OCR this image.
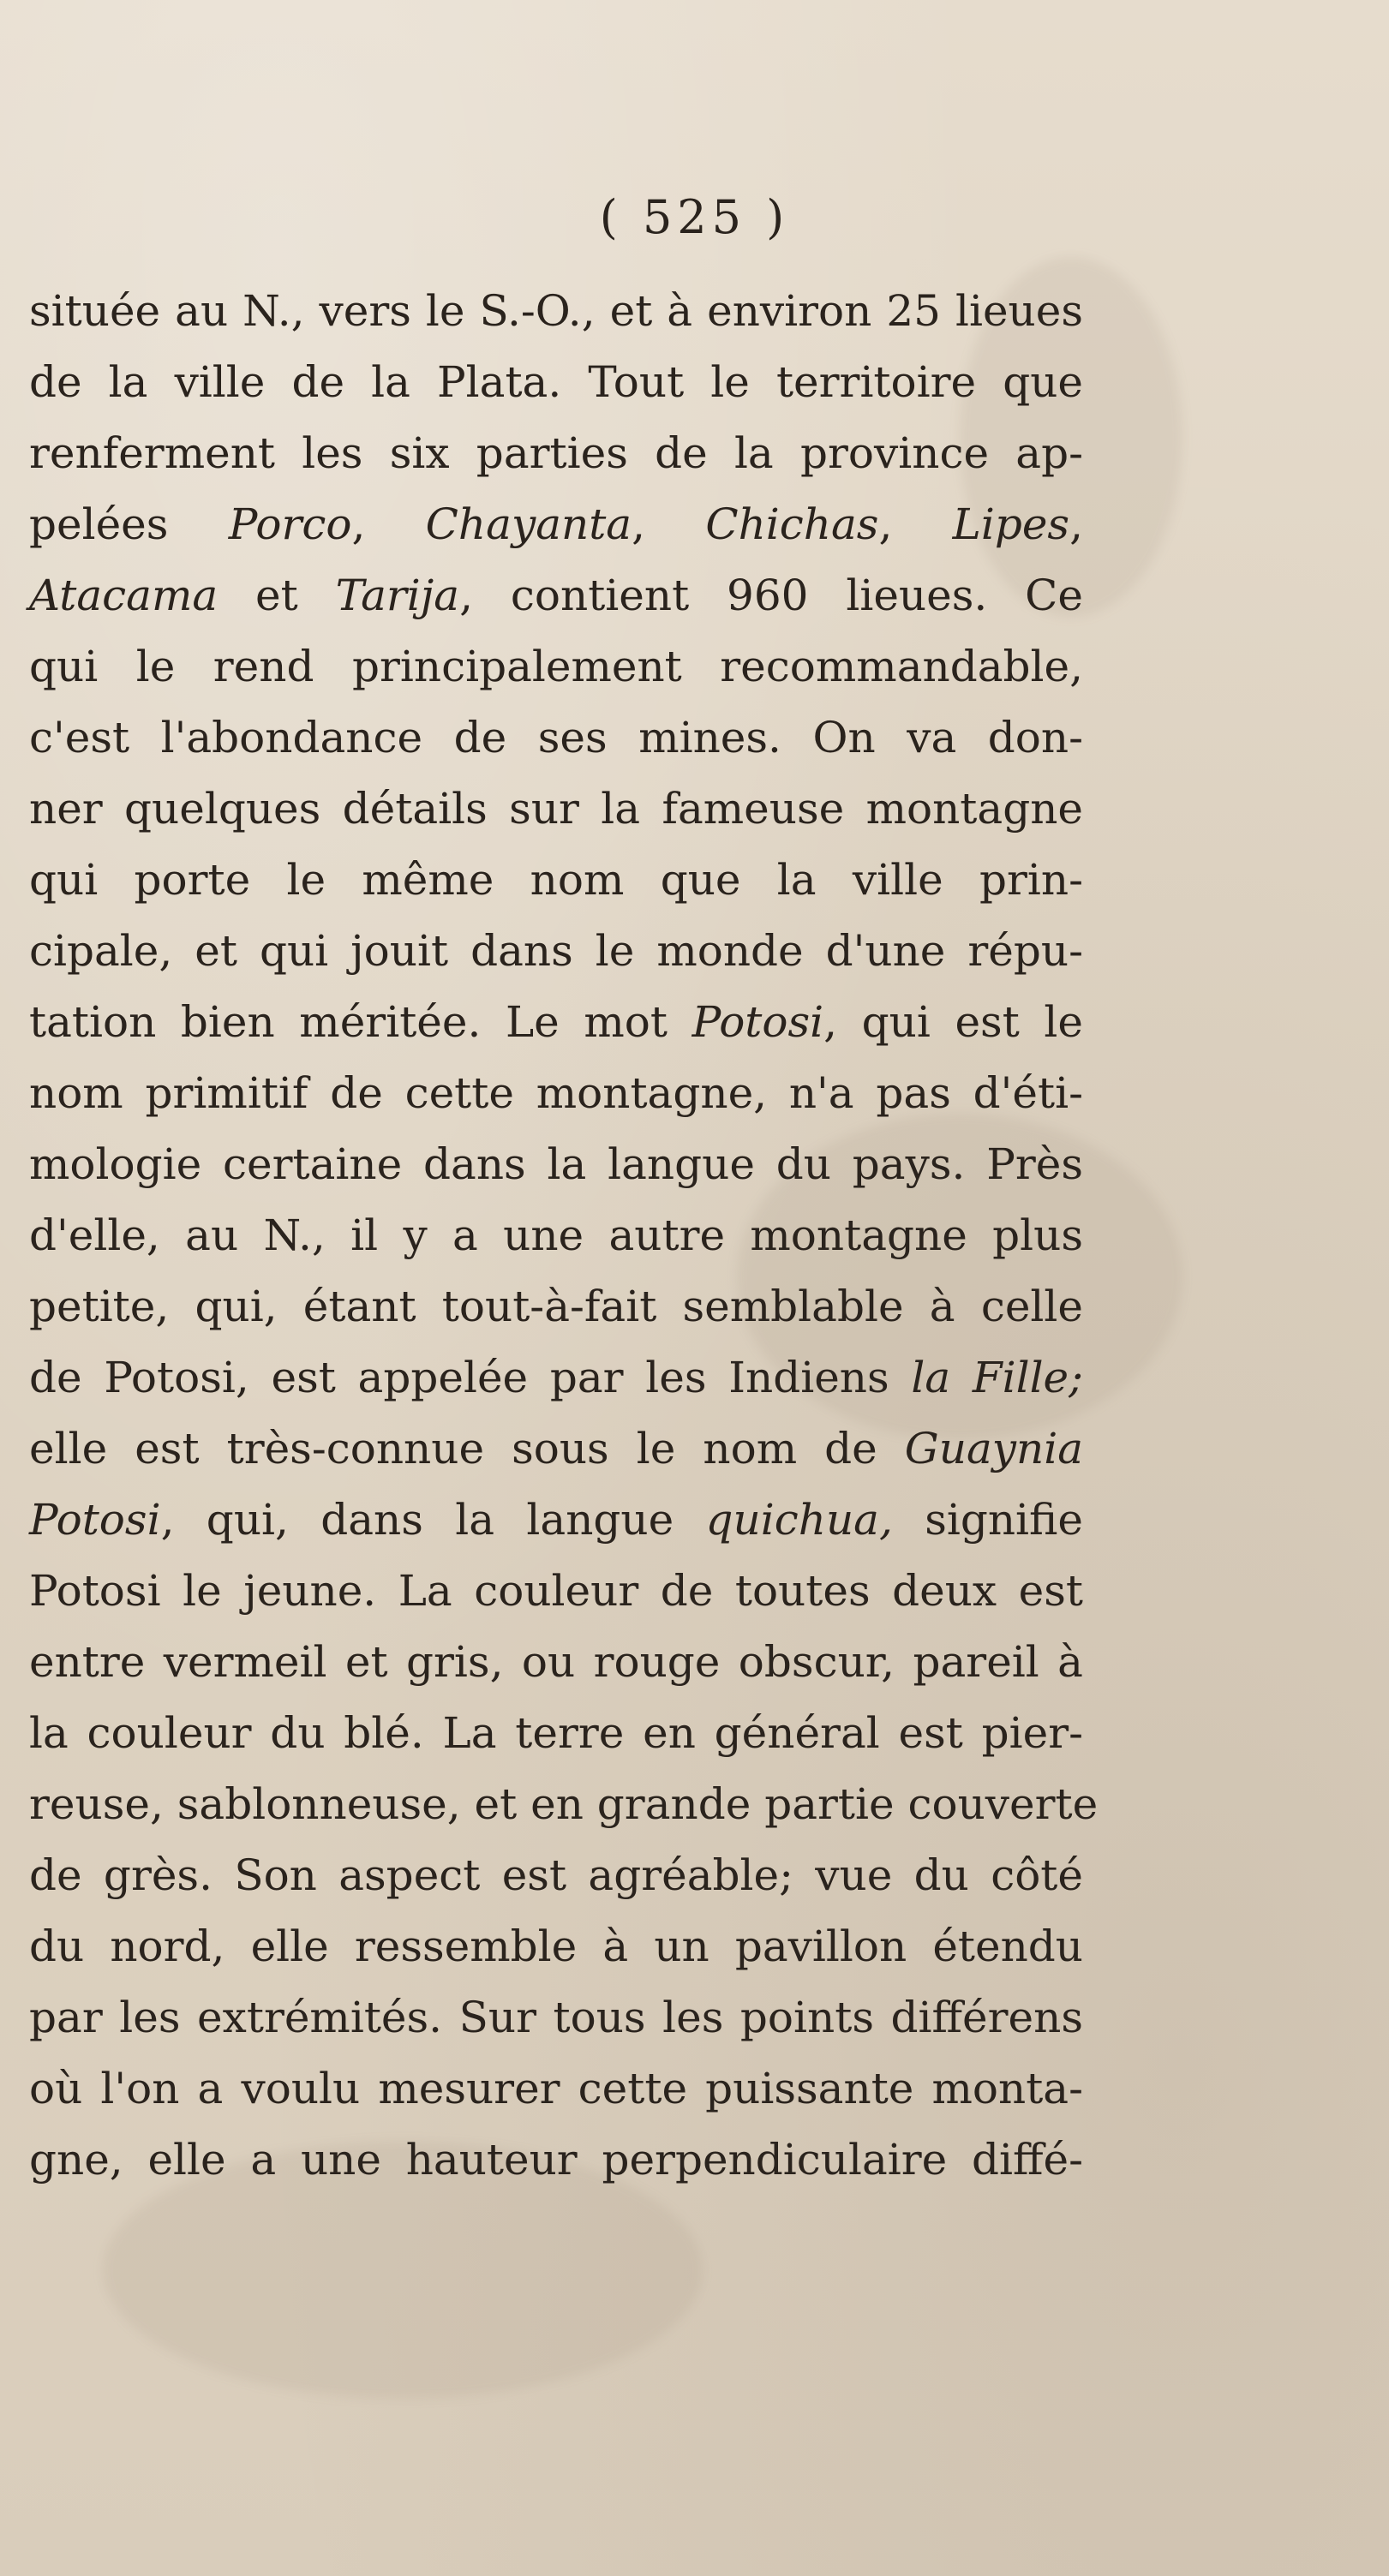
( 525 )
située au N., vers le S.-O., et à environ 25 lieues
de la ville de la Plata. Tout le territoire que
renferment les six parties de la province ap-
pelées Porco, Chayanta, Chichas, Lipes,
Atacama et Tarija, contient 960 lieues. Ce
qui le rend principalement recommandable,
c'est l'abondance de ses mines. On va don-
ner quelques détails sur la fameuse montagne
qui porte le même nom que la ville prin-
cipale, et qui jouit dans le monde d'une répu-
tation bien méritée. Le mot Potosi, qui est le
nom primitif de cette montagne, n'a pas d'éti-
mologie certaine dans la langue du pays. Près
d'elle, au N., il y a une autre montagne plus
petite, qui, étant tout-à-fait semblable à celle
de Potosi, est appelée par les Indiens la Fille;
elle est très-connue sous le nom de Guaynia
Potosi, qui, dans la langue quichua, signifie
Potosi le jeune. La couleur de toutes deux est
entre vermeil et gris, ou rouge obscur, pareil à
la couleur du blé. La terre en général est pier-
reuse, sablonneuse, et en grande partie couverte
de grès. Son aspect est agréable; vue du côté
du nord, elle ressemble à un pavillon étendu
par les extrémités. Sur tous les points différens
où l'on a voulu mesurer cette puissante monta-
gne, elle a une hauteur perpendiculaire diffé-
